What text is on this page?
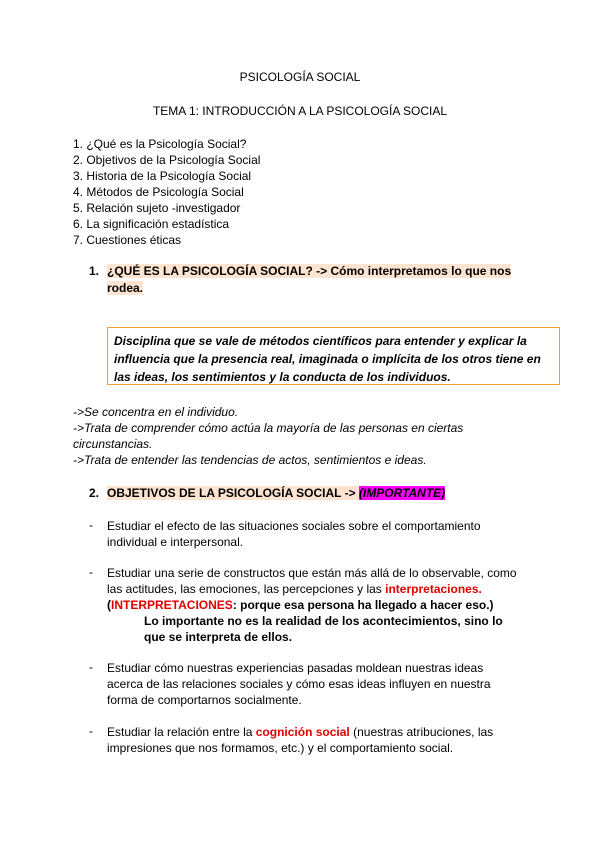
PSICOLOGÍA SOCIAL
TEMA 1: INTRODUCCIÓN A LA PSICOLOGÍA SOCIAL
1. ¿Qué es la Psicología Social?
2. Objetivos de la Psicología Social
3. Historia de la Psicología Social
4. Métodos de Psicología Social
5. Relación sujeto -investigador
6. La significación estadística
7. Cuestiones éticas
1. ¿QUÉ ES LA PSICOLOGÍA SOCIAL? -> Cómo interpretamos lo que nos
rodea.
Disciplina que se vale de métodos científicos para entender y explicar la
influencia que la presencia real, imaginada o implícita de los otros tiene en
las ideas, los sentimientos y la conducta de los individuos.
->Se concentra en el individuo.
->Trata de comprender cómo actúa la mayoría de las personas en ciertas
circunstancias.
->Trata de entender las tendencias de actos, sentimientos e ideas.
2. OBJETIVOS DE LA PSICOLOGÍA SOCIAL -> (IMPORTANTE)
- Estudiar el efecto de las situaciones sociales sobre el comportamiento
individual e interpersonal.
- Estudiar una serie de constructos que están más allá de lo observable, como
las actitudes, las emociones, las percepciones y las interpretaciones.
(INTERPRETACIONES: porque esa persona ha llegado a hacer eso.)
Lo importante no es la realidad de los acontecimientos, sino lo
que se interpreta de ellos.
- Estudiar cómo nuestras experiencias pasadas moldean nuestras ideas
acerca de las relaciones sociales y cómo esas ideas influyen en nuestra
forma de comportarnos socialmente.
- Estudiar la relación entre la cognición social (nuestras atribuciones, las
impresiones que nos formamos, etc.) y el comportamiento social.
